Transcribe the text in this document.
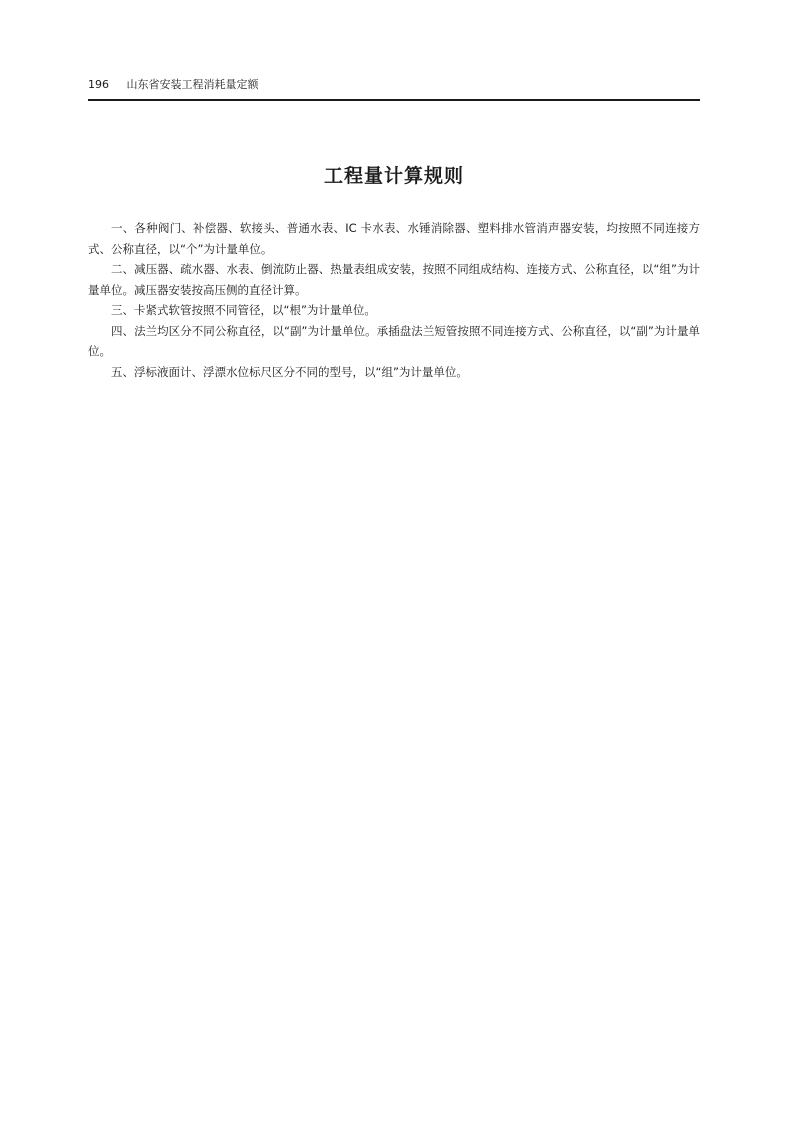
196 山东省安装工程消耗量定额
工程量计算规则

一、各种阀门、补偿器、软接头、普通水表、IC 卡水表、水锤消除器、塑料排水管消声器安装，均按照不同连接方式、公称直径，以“个”为计量单位。

二、减压器、疏水器、水表、倒流防止器、热量表组成安装，按照不同组成结构、连接方式、公称直径，以“组”为计量单位。减压器安装按高压侧的直径计算。

三、卡紧式软管按照不同管径，以“根”为计量单位。

四、法兰均区分不同公称直径，以“副”为计量单位。承插盘法兰短管按照不同连接方式、公称直径，以“副”为计量单位。

五、浮标液面计、浮漂水位标尺区分不同的型号，以“组”为计量单位。
